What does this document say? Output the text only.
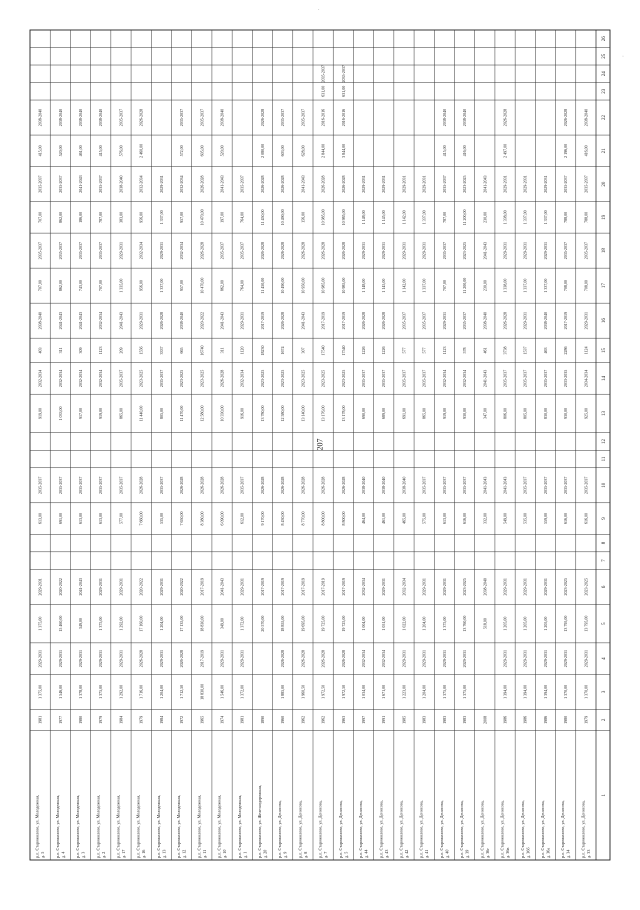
207
1
2
3
4
5
6
7
8
9
10
11
12
13
14
15
16
17
18
19
20
21
22
23
24
25
26
р.п. Старожилово, ул. Денисова, д. 33
1979
1 370,00
2029-2031
13 795,00
2023-2025
616,00
2035-2037
925,00
2034-2034
1124
2029-2031
708,00
2035-2037
788,00
2035-2037
416,00
2038-2040
р.п. Старожилово, ул. Денисова, д. 34
1980
1 370,00
2029-2031
13 795,00
2023-2025
616,00
2035-2037
930,00
2033-2035
2286
2017-2019
708,00
2035-2037
788,00
2035-2037
2 196,00
2026-2028
р.п. Старожилово, ул. Денисова, д. 36а
1986
1 394,00
2029-2031
1 205,00
2029-2031
559,00
2035-2037
830,00
2035-2037
463
2038-2040
1 337,00
2029-2031
1 337,00
2029-2031
р.п. Старожилово, ул. Денисова, д. 36б
1986
1 394,00
2029-2031
1 205,00
2029-2031
535,00
2035-2037
805,00
2035-2037
1537
2029-2031
1 337,00
2029-2031
1 337,00
2029-2031
р.п. Старожилово, ул. Денисова, д. 36в
1986
1 394,00
2029-2031
1 205,00
2029-2031
549,00
2041-2043
806,00
2035-2037
3738
2026-2028
1 338,00
2029-2031
1 338,00
2029-2031
2 497,00
2026-2028
р.п. Старожилово, ул. Денисова, д. 36г
2008
518,00
2038-2040
332,00
2041-2043
347,00
2041-2043
461
2038-2040
230,00
2041-2043
230,00
2041-2043
р.п. Старожилово, ул. Денисова, д. 39
1983
1 375,00
2029-2031
13 760,00
2023-2025
616,00
2035-2037
930,00
2032-2034
578
2035-2037
11 200,00
2023-2025
11 200,00
2023-2025
416,00
2038-2040
р.п. Старожилово, ул. Денисова, д. 40
1983
1 375,00
2029-2031
1 375,00
2029-2031
613,00
2035-2037
919,00
2032-2034
1123
2029-2031
707,00
2035-2037
787,00
2035-2037
415,00
2038-2040
р.п. Старожилово, ул. Денисова, д. 41
1983
1 204,00
2029-2031
1 204,00
2029-2031
575,00
2035-2037
865,00
2035-2037
577
2035-2037
1 337,00
2029-2031
1 337,00
2029-2031
р.п. Старожилово, ул. Денисова, д. 42
1985
1 223,00
2029-2031
1 022,00
2032-2034
465,00
2038-2040
691,00
2035-2037
577
2035-2037
1 142,00
2029-2031
1 142,00
2029-2031
р.п. Старожилово, ул. Денисова, д. 43
1991
1 671,00
2032-2034
1 051,00
2029-2031
461,00
2038-2040
689,00
2035-2037
1226
2026-2028
1 145,00
2029-2031
1 145,00
2029-2031
р.п. Старожилово, ул. Денисова, д. 44
1997
1 034,00
2032-2034
1 004,00
2032-2034
464,00
2038-2040
690,00
2035-2037
1226
2026-2028
1 148,00
2029-2031
1 148,00
2029-2031
р.п. Старожилово, ул. Денисова, д. 5
1963
1 972,50
2026-2028
19 725,00
2017-2019
8 800,00
2026-2028
13 178,00
2023-2025
17540
2017-2019
10 985,00
2026-2028
10 985,00
2026-2028
3 844,00
2016-2016
631,00
2035-2037
р.п. Старожилово, ул. Денисова, д. 7
1962
1 972,50
2026-2028
19 725,00
2017-2019
8 800,00
2026-2028
13 176,00
2023-2025
17540
2017-2019
10 985,00
2026-2028
10 985,00
2026-2028
2 844,00
2016-2016
631,00
2035-2037
р.п. Старожилово, ул. Денисова, д. 8
1962
1 960,50
2026-2028
19 695,00
2017-2019
8 770,00
2026-2028
13 140,00
2023-2025
307
2041-2043
10 950,00
2026-2028
156,00
2041-2043
628,00
2035-2037
р.п. Старожилово, ул. Денисова, д. 9
1960
1 885,00
2026-2028
18 855,00
2017-2019
8 430,00
2026-2028
12 580,00
2023-2025
1674
2026-2028
10 490,00
2026-2028
10 490,00
2026-2028
603,00
2035-2037
р.п. Старожилово, ул. Железнодорожная, д. 20
1890
20 570,00
2017-2019
9 170,00
2026-2028
13 780,00
2023-2025
18230
2017-2019
11 450,00
2026-2028
11 450,00
2026-2028
2 080,00
2026-2028
р.п. Старожилово, ул. Молодежная, д. 1
1981
1 372,00
2029-2031
1 372,00
2029-2031
612,00
2035-2037
916,00
2032-2034
1120
2029-2031
764,00
2035-2037
764,00
2035-2037
р.п. Старожилово, ул. Молодежная, д. 10
1974
1 546,00
2029-2031
349,00
2041-2043
6 090,00
2026-2028
10 330,00
2026-2028
311
2041-2043
862,00
2035-2037
197,00
2041-2043
520,00
2038-2040
р.п. Старожилово, ул. Молодежная, д. 11
1965
18 830,00
2017-2019
18 830,00
2017-2019
8 380,00
2026-2028
12 580,00
2023-2025
16740
2020-2022
10 470,00
2026-2028
10 470,00
2026-2028
605,00
2035-2037
р.п. Старожилово, ул. Молодежная, д. 12
1972
1 712,50
2026-2028
17 135,00
2020-2022
7 650,00
2026-2028
11 470,00
2023-2025
665
2038-2040
957,00
2032-2034
957,00
2032-2034
572,00
2035-2037
р.п. Старожилово, ул. Молодежная, д. 13
1984
1 204,00
2029-2031
1 204,00
2029-2031
535,00
2035-2037
805,00
2035-2037
3337
2026-2028
1 337,00
2029-2031
1 337,00
2029-2031
р.п. Старожилово, ул. Молодежная, д. 16
1979
1 716,00
2026-2028
17 160,00
2020-2022
7 660,00
2026-2028
11 440,00
2023-2025
1556
2029-2031
956,00
2032-2034
956,00
2032-2034
2 460,00
2026-2028
р.п. Старожилово, ул. Молодежная, д. 17
1984
1 292,00
2029-2031
1 292,00
2029-2031
577,00
2035-2037
865,00
2035-2037
209
2041-2043
1 335,00
2029-2031
383,00
2038-2040
576,00
2035-2037
р.п. Старожилово, ул. Молодежная, д. 2
1979
1 375,00
2029-2031
1 375,00
2029-2031
613,00
2035-2037
919,00
2032-2034
1123
2032-2034
707,00
2035-2037
787,00
2035-2037
415,00
2038-2040
р.п. Старожилово, ул. Молодежная, д. 3
1980
1 378,00
2029-2031
349,00
2041-2043
613,00
2035-2037
917,00
2032-2034
309
2041-2043
743,00
2035-2037
186,00
2041-2043
461,00
2038-2040
р.п. Старожилово, ул. Молодежная, д. 4
1977
1 546,00
2029-2031
15 460,00
2020-2022
691,00
2035-2037
1 033,00
2032-2034
311
2041-2043
862,00
2035-2037
862,00
2035-2037
520,00
2038-2040
р.п. Старожилово, ул. Молодежная, д. 5
1981
1 375,00
2029-2031
1 375,00
2029-2031
613,00
2035-2037
919,00
2032-2034
403
2038-2040
707,00
2035-2037
707,00
2035-2037
415,00
2038-2040
.
·
